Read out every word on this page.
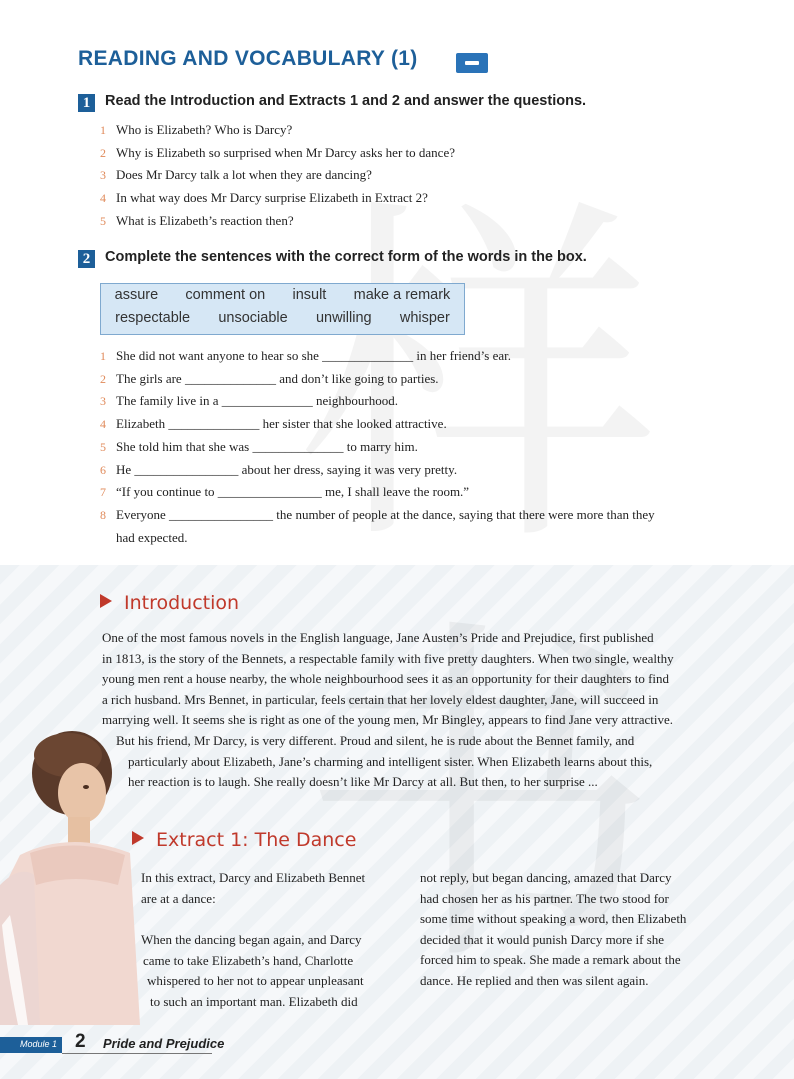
READING AND VOCABULARY (1)
1 Read the Introduction and Extracts 1 and 2 and answer the questions.
1 Who is Elizabeth? Who is Darcy?
2 Why is Elizabeth so surprised when Mr Darcy asks her to dance?
3 Does Mr Darcy talk a lot when they are dancing?
4 In what way does Mr Darcy surprise Elizabeth in Extract 2?
5 What is Elizabeth’s reaction then?
2 Complete the sentences with the correct form of the words in the box.
assure comment on insult make a remark
respectable unsociable unwilling whisper
1 She did not want anyone to hear so she ______________ in her friend’s ear.
2 The girls are ______________ and don’t like going to parties.
3 The family live in a ______________ neighbourhood.
4 Elizabeth ______________ her sister that she looked attractive.
5 She told him that she was ______________ to marry him.
6 He ________________ about her dress, saying it was very pretty.
7 “If you continue to ________________ me, I shall leave the room.”
8 Everyone ________________ the number of people at the dance, saying that there were more than they
had expected.
Introduction
One of the most famous novels in the English language, Jane Austen’s Pride and Prejudice, first published
in 1813, is the story of the Bennets, a respectable family with five pretty daughters. When two single, wealthy
young men rent a house nearby, the whole neighbourhood sees it as an opportunity for their daughters to find
a rich husband. Mrs Bennet, in particular, feels certain that her lovely eldest daughter, Jane, will succeed in
marrying well. It seems she is right as one of the young men, Mr Bingley, appears to find Jane very attractive.
But his friend, Mr Darcy, is very different. Proud and silent, he is rude about the Bennet family, and
particularly about Elizabeth, Jane’s charming and intelligent sister. When Elizabeth learns about this,
her reaction is to laugh. She really doesn’t like Mr Darcy at all. But then, to her surprise ...
Extract 1: The Dance
In this extract, Darcy and Elizabeth Bennet
are at a dance:
When the dancing began again, and Darcy
came to take Elizabeth’s hand, Charlotte
whispered to her not to appear unpleasant
to such an important man. Elizabeth did
not reply, but began dancing, amazed that Darcy
had chosen her as his partner. The two stood for
some time without speaking a word, then Elizabeth
decided that it would punish Darcy more if she
forced him to speak. She made a remark about the
dance. He replied and then was silent again.
Module 1 2 Pride and Prejudice
